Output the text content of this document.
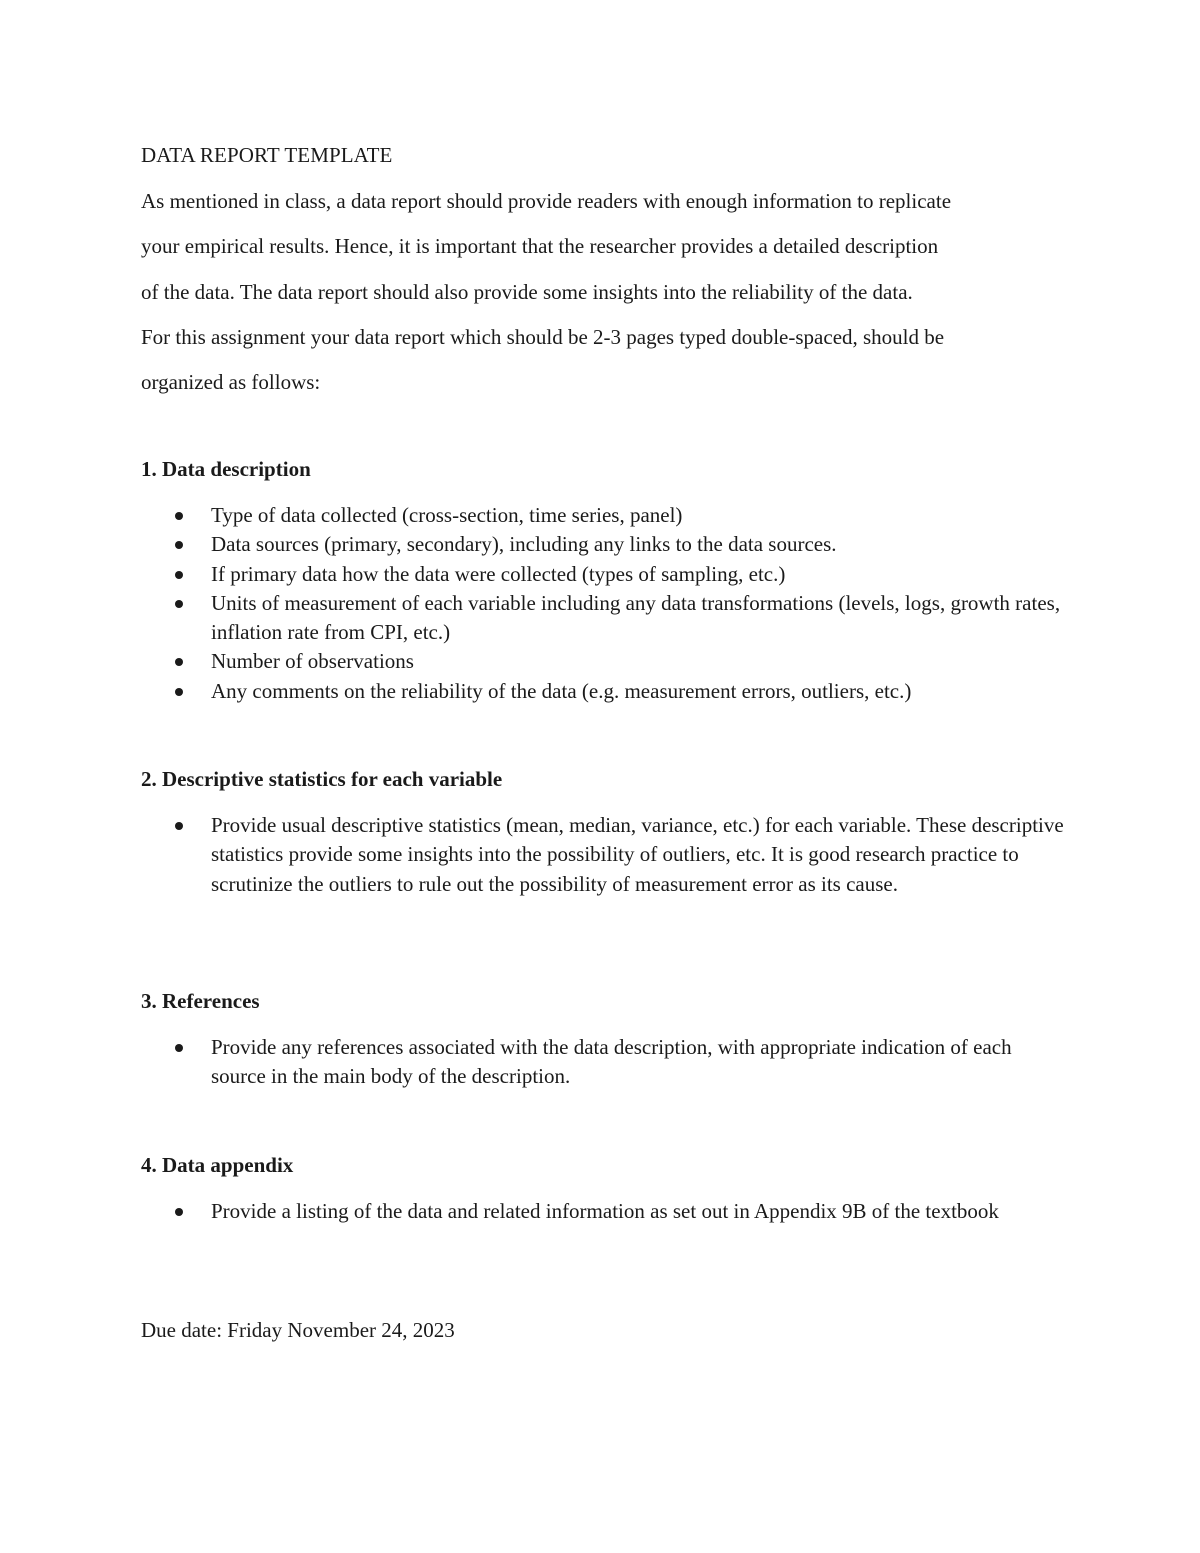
DATA REPORT TEMPLATE

As mentioned in class, a data report should provide readers with enough information to replicate

your empirical results. Hence, it is important that the researcher provides a detailed description

of the data. The data report should also provide some insights into the reliability of the data.

For this assignment your data report which should be 2-3 pages typed double-spaced, should be

organized as follows:

1. Data description

Type of data collected (cross-section, time series, panel)
Data sources (primary, secondary), including any links to the data sources.
If primary data how the data were collected (types of sampling, etc.)
Units of measurement of each variable including any data transformations (levels, logs, growth rates, inflation rate from CPI, etc.)
Number of observations
Any comments on the reliability of the data (e.g. measurement errors, outliers, etc.)

2. Descriptive statistics for each variable

Provide usual descriptive statistics (mean, median, variance, etc.) for each variable. These descriptive statistics provide some insights into the possibility of outliers, etc. It is good research practice to scrutinize the outliers to rule out the possibility of measurement error as its cause.

3. References

Provide any references associated with the data description, with appropriate indication of each source in the main body of the description.

4. Data appendix

Provide a listing of the data and related information as set out in Appendix 9B of the textbook

Due date: Friday November 24, 2023
